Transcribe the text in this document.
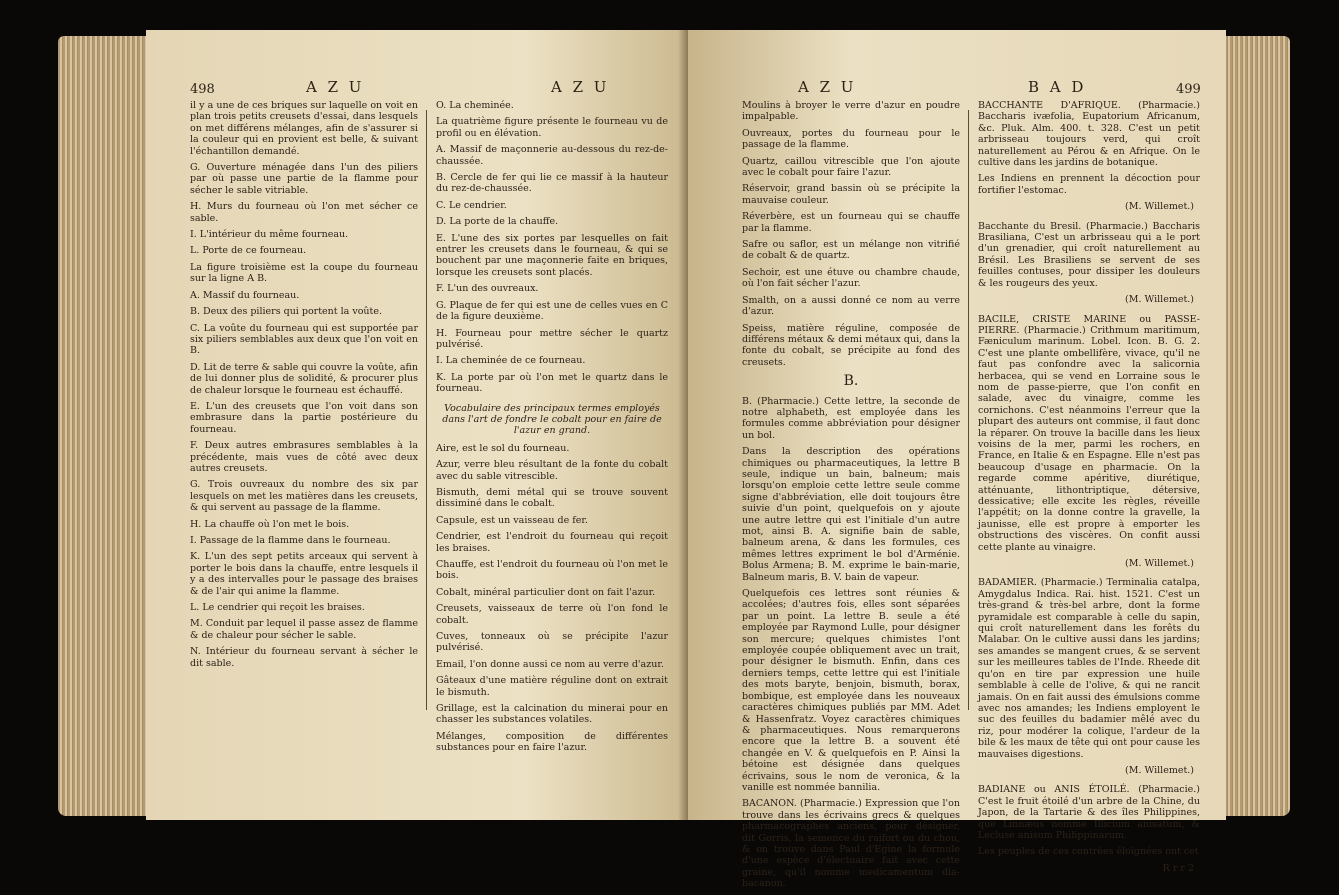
498	A Z U	A Z U

il y a une de ces briques sur laquelle on voit en plan trois petits creusets d'essai, dans lesquels on met différens mélanges, afin de s'assurer si la couleur qui en provient est belle, & suivant l'échantillon demandé.

G. Ouverture ménagée dans l'un des piliers par où passe une partie de la flamme pour sécher le sable vitriable.

H. Murs du fourneau où l'on met sécher ce sable.

I. L'intérieur du même fourneau.

L. Porte de ce fourneau.

La figure troisième est la coupe du fourneau sur la ligne A B.

A. Massif du fourneau.

B. Deux des piliers qui portent la voûte.

C. La voûte du fourneau qui est supportée par six piliers semblables aux deux que l'on voit en B.

D. Lit de terre & sable qui couvre la voûte, afin de lui donner plus de solidité, & procurer plus de chaleur lorsque le fourneau est échauffé.

E. L'un des creusets que l'on voit dans son embrasure dans la partie postérieure du fourneau.

F. Deux autres embrasures semblables à la précédente, mais vues de côté avec deux autres creusets.

G. Trois ouvreaux du nombre des six par lesquels on met les matières dans les creusets, & qui servent au passage de la flamme.

H. La chauffe où l'on met le bois.

I. Passage de la flamme dans le fourneau.

K. L'un des sept petits arceaux qui servent à porter le bois dans la chauffe, entre lesquels il y a des intervalles pour le passage des braises & de l'air qui anime la flamme.

L. Le cendrier qui reçoit les braises.

M. Conduit par lequel il passe assez de flamme & de chaleur pour sécher le sable.

N. Intérieur du fourneau servant à sécher le dit sable.

O. La cheminée.

La quatrième figure présente le fourneau vu de profil ou en élévation.

A. Massif de maçonnerie au-dessous du rez-de-chaussée.

B. Cercle de fer qui lie ce massif à la hauteur du rez-de-chaussée.

C. Le cendrier.

D. La porte de la chauffe.

E. L'une des six portes par lesquelles on fait entrer les creusets dans le fourneau, & qui se bouchent par une maçonnerie faite en briques, lorsque les creusets sont placés.

F. L'un des ouvreaux.

G. Plaque de fer qui est une de celles vues en C de la figure deuxième.

H. Fourneau pour mettre sécher le quartz pulvérisé.

I. La cheminée de ce fourneau.

K. La porte par où l'on met le quartz dans le fourneau.

Vocabulaire des principaux termes employés dans l'art de fondre le cobalt pour en faire de l'azur en grand.

Aire, est le sol du fourneau.

Azur, verre bleu résultant de la fonte du cobalt avec du sable vitrescible.

Bismuth, demi métal qui se trouve souvent dissiminé dans le cobalt.

Capsule, est un vaisseau de fer.

Cendrier, est l'endroit du fourneau qui reçoit les braises.

Chauffe, est l'endroit du fourneau où l'on met le bois.

Cobalt, minéral particulier dont on fait l'azur.

Creusets, vaisseaux de terre où l'on fond le cobalt.

Cuves, tonneaux où se précipite l'azur pulvérisé.

Email, l'on donne aussi ce nom au verre d'azur.

Gâteaux d'une matière réguline dont on extrait le bismuth.

Grillage, est la calcination du minerai pour en chasser les substances volatiles.

Mélanges, composition de différentes substances pour en faire l'azur.

A Z U	B A D	499

Moulins à broyer le verre d'azur en poudre impalpable.

Ouvreaux, portes du fourneau pour le passage de la flamme.

Quartz, caillou vitrescible que l'on ajoute avec le cobalt pour faire l'azur.

Réservoir, grand bassin où se précipite la mauvaise couleur.

Réverbère, est un fourneau qui se chauffe par la flamme.

Safre ou saflor, est un mélange non vitrifié de cobalt & de quartz.

Sechoir, est une étuve ou chambre chaude, où l'on fait sécher l'azur.

Smalth, on a aussi donné ce nom au verre d'azur.

Speiss, matière réguline, composée de différens métaux & demi métaux qui, dans la fonte du cobalt, se précipite au fond des creusets.

B.

B. (Pharmacie.) Cette lettre, la seconde de notre alphabeth, est employée dans les formules comme abbréviation pour désigner un bol.

Dans la description des opérations chimiques ou pharmaceutiques, la lettre B seule, indique un bain, balneum; mais lorsqu'on emploie cette lettre seule comme signe d'abbréviation, elle doit toujours être suivie d'un point, quelquefois on y ajoute une autre lettre qui est l'initiale d'un autre mot, ainsi B. A. signifie bain de sable, balneum arena, & dans les formules, ces mêmes lettres expriment le bol d'Arménie. Bolus Armena; B. M. exprime le bain-marie, Balneum maris, B. V. bain de vapeur.

Quelquefois ces lettres sont réunies & accolées; d'autres fois, elles sont séparées par un point. La lettre B. seule a été employée par Raymond Lulle, pour désigner son mercure; quelques chimistes l'ont employée coupée obliquement avec un trait, pour désigner le bismuth. Enfin, dans ces derniers temps, cette lettre qui est l'initiale des mots baryte, benjoin, bismuth, borax, bombique, est employée dans les nouveaux caractères chimiques publiés par MM. Adet & Hassenfratz. Voyez caractères chimiques & pharmaceutiques. Nous remarquerons encore que la lettre B. a souvent été changée en V. & quelquefois en P. Ainsi la bétoine est désignée dans quelques écrivains, sous le nom de veronica, & la vanille est nommée bannilia.

BACANON. (Pharmacie.) Expression que l'on trouve dans les écrivains grecs & quelques pharmacographes anciens, pour désigner, dit Gorris, la semence du raifort ou du chou, & on trouve dans Paul d'Egine la formule d'une espèce d'électuaire fait avec cette graine, qu'il nomme medicamentum dia-bacanon.

BACCHANTE D'AFRIQUE. (Pharmacie.) Baccharis ivæfolia, Eupatorium Africanum, &c. Pluk. Alm. 400. t. 328. C'est un petit arbrisseau toujours verd, qui croît naturellement au Pérou & en Afrique. On le cultive dans les jardins de botanique.

Les Indiens en prennent la décoction pour fortifier l'estomac.

(M. Willemet.)

Bacchante du Bresil. (Pharmacie.) Baccharis Brasiliana, C'est un arbrisseau qui a le port d'un grenadier, qui croît naturellement au Brésil. Les Brasiliens se servent de ses feuilles contuses, pour dissiper les douleurs & les rougeurs des yeux.

(M. Willemet.)

BACILE, CRISTE MARINE ou PASSE-PIERRE. (Pharmacie.) Crithmum maritimum, Fæniculum marinum. Lobel. Icon. B. G. 2. C'est une plante ombellifère, vivace, qu'il ne faut pas confondre avec la salicornia herbacea, qui se vend en Lorraine sous le nom de passe-pierre, que l'on confit en salade, avec du vinaigre, comme les cornichons. C'est néanmoins l'erreur que la plupart des auteurs ont commise, il faut donc la réparer. On trouve la bacille dans les lieux voisins de la mer, parmi les rochers, en France, en Italie & en Espagne. Elle n'est pas beaucoup d'usage en pharmacie. On la regarde comme apéritive, diurétique, atténuante, lithontriptique, détersive, dessicative; elle excite les règles, réveille l'appétit; on la donne contre la gravelle, la jaunisse, elle est propre à emporter les obstructions des viscères. On confit aussi cette plante au vinaigre.

(M. Willemet.)

BADAMIER. (Pharmacie.) Terminalia catalpa, Amygdalus Indica. Rai. hist. 1521. C'est un très-grand & très-bel arbre, dont la forme pyramidale est comparable à celle du sapin, qui croît naturellement dans les forêts du Malabar. On le cultive aussi dans les jardins; ses amandes se mangent crues, & se servent sur les meilleures tables de l'Inde. Rheede dit qu'on en tire par expression une huile semblable à celle de l'olive, & qui ne rancit jamais. On en fait aussi des émulsions comme avec nos amandes; les Indiens employent le suc des feuilles du badamier mêlé avec du riz, pour modérer la colique, l'ardeur de la bile & les maux de tête qui ont pour cause les mauvaises digestions.

(M. Willemet.)

BADIANE ou ANIS ÉTOILÉ. (Pharmacie.) C'est le fruit étoilé d'un arbre de la Chine, du Japon, de la Tartarie & des îles Philippines, que Linnæus nomme Illicium anisatum, & Lecluse anisum Philippinarum.

Les peuples de ces contrées éloignées ont cet

R r r 2
